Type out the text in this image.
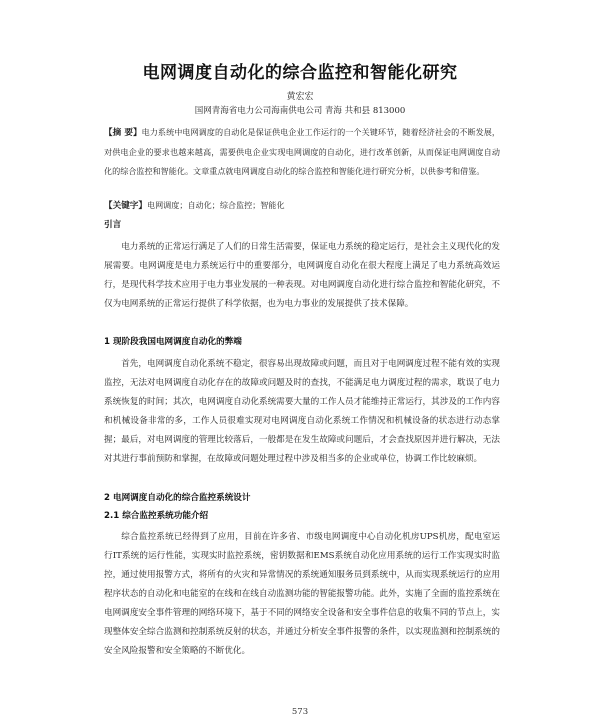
电网调度自动化的综合监控和智能化研究
黄宏宏
国网青海省电力公司海南供电公司 青海 共和县 813000
【摘 要】电力系统中电网调度的自动化是保证供电企业工作运行的一个关键环节，随着经济社会的不断发展，对供电企业的要求也越来越高，需要供电企业实现电网调度的自动化，进行改革创新，从而保证电网调度自动化的综合监控和智能化。文章重点就电网调度自动化的综合监控和智能化进行研究分析，以供参考和借鉴。
【关键字】电网调度；自动化；综合监控；智能化
引言
电力系统的正常运行满足了人们的日常生活需要，保证电力系统的稳定运行，是社会主义现代化的发展需要。电网调度是电力系统运行中的重要部分，电网调度自动化在很大程度上满足了电力系统高效运行，是现代科学技术应用于电力事业发展的一种表现。对电网调度自动化进行综合监控和智能化研究，不仅为电网系统的正常运行提供了科学依据，也为电力事业的发展提供了技术保障。
1 现阶段我国电网调度自动化的弊端
首先，电网调度自动化系统不稳定，很容易出现故障或问题，而且对于电网调度过程不能有效的实现监控，无法对电网调度自动化存在的故障或问题及时的查找，不能满足电力调度过程的需求，耽误了电力系统恢复的时间；其次，电网调度自动化系统需要大量的工作人员才能维持正常运行，其涉及的工作内容和机械设备非常的多，工作人员很难实现对电网调度自动化系统工作情况和机械设备的状态进行动态掌握；最后，对电网调度的管理比较落后，一般都是在发生故障或问题后，才会查找原因并进行解决，无法对其进行事前预防和掌握，在故障或问题处理过程中涉及相当多的企业或单位，协调工作比较麻烦。
2 电网调度自动化的综合监控系统设计
2.1 综合监控系统功能介绍
综合监控系统已经得到了应用，目前在许多省、市级电网调度中心自动化机房UPS机房，配电室运行IT系统的运行性能，实现实时监控系统，密钥数据和EMS系统自动化应用系统的运行工作实现实时监控，通过使用报警方式，将所有的火灾和异常情况的系统通知服务员到系统中，从而实现系统运行的应用程序状态的自动化和电能室的在线和在线自动监测功能的智能报警功能。此外，实施了全面的监控系统在电网调度安全事件管理的网络环境下，基于不同的网络安全设备和安全事件信息的收集不同的节点上，实现整体安全综合监测和控制系统反射的状态，并通过分析安全事件报警的条件，以实现监测和控制系统的安全风险报警和安全策略的不断优化。
573
